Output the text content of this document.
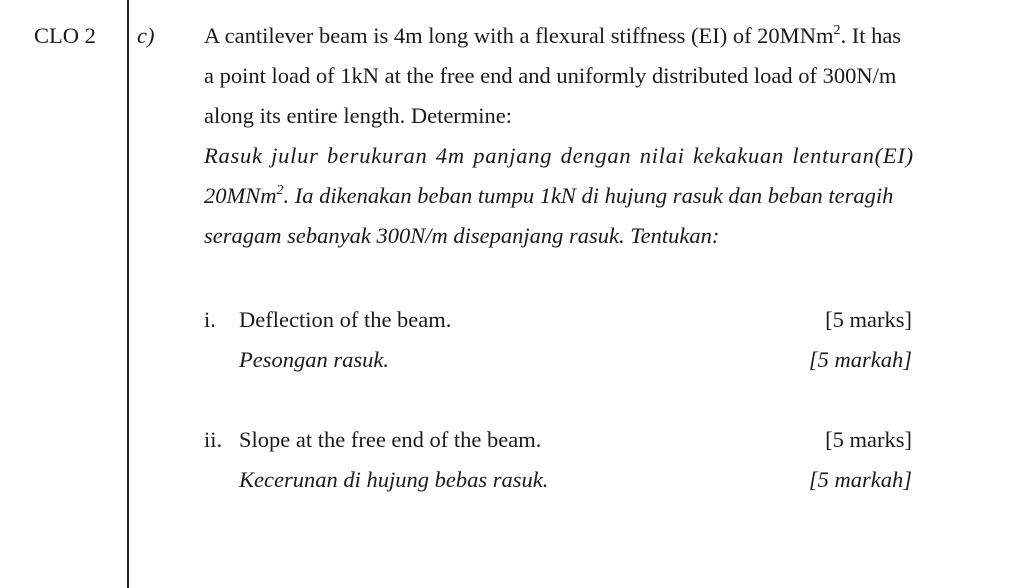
CLO 2 c) A cantilever beam is 4m long with a flexural stiffness (EI) of 20MNm$^2$. It has
a point load of 1kN at the free end and uniformly distributed load of 300N/m
along its entire length. Determine:
Rasuk julur berukuran 4m panjang dengan nilai kekakuan lenturan(EI)
20MNm$^2$. Ia dikenakan beban tumpu 1kN di hujung rasuk dan beban teragih
seragam sebanyak 300N/m disepanjang rasuk. Tentukan:
i. Deflection of the beam.	[5 marks]
Pesongan rasuk.	[5 markah]
ii. Slope at the free end of the beam.	[5 marks]
Kecerunan di hujung bebas rasuk.	[5 markah]
